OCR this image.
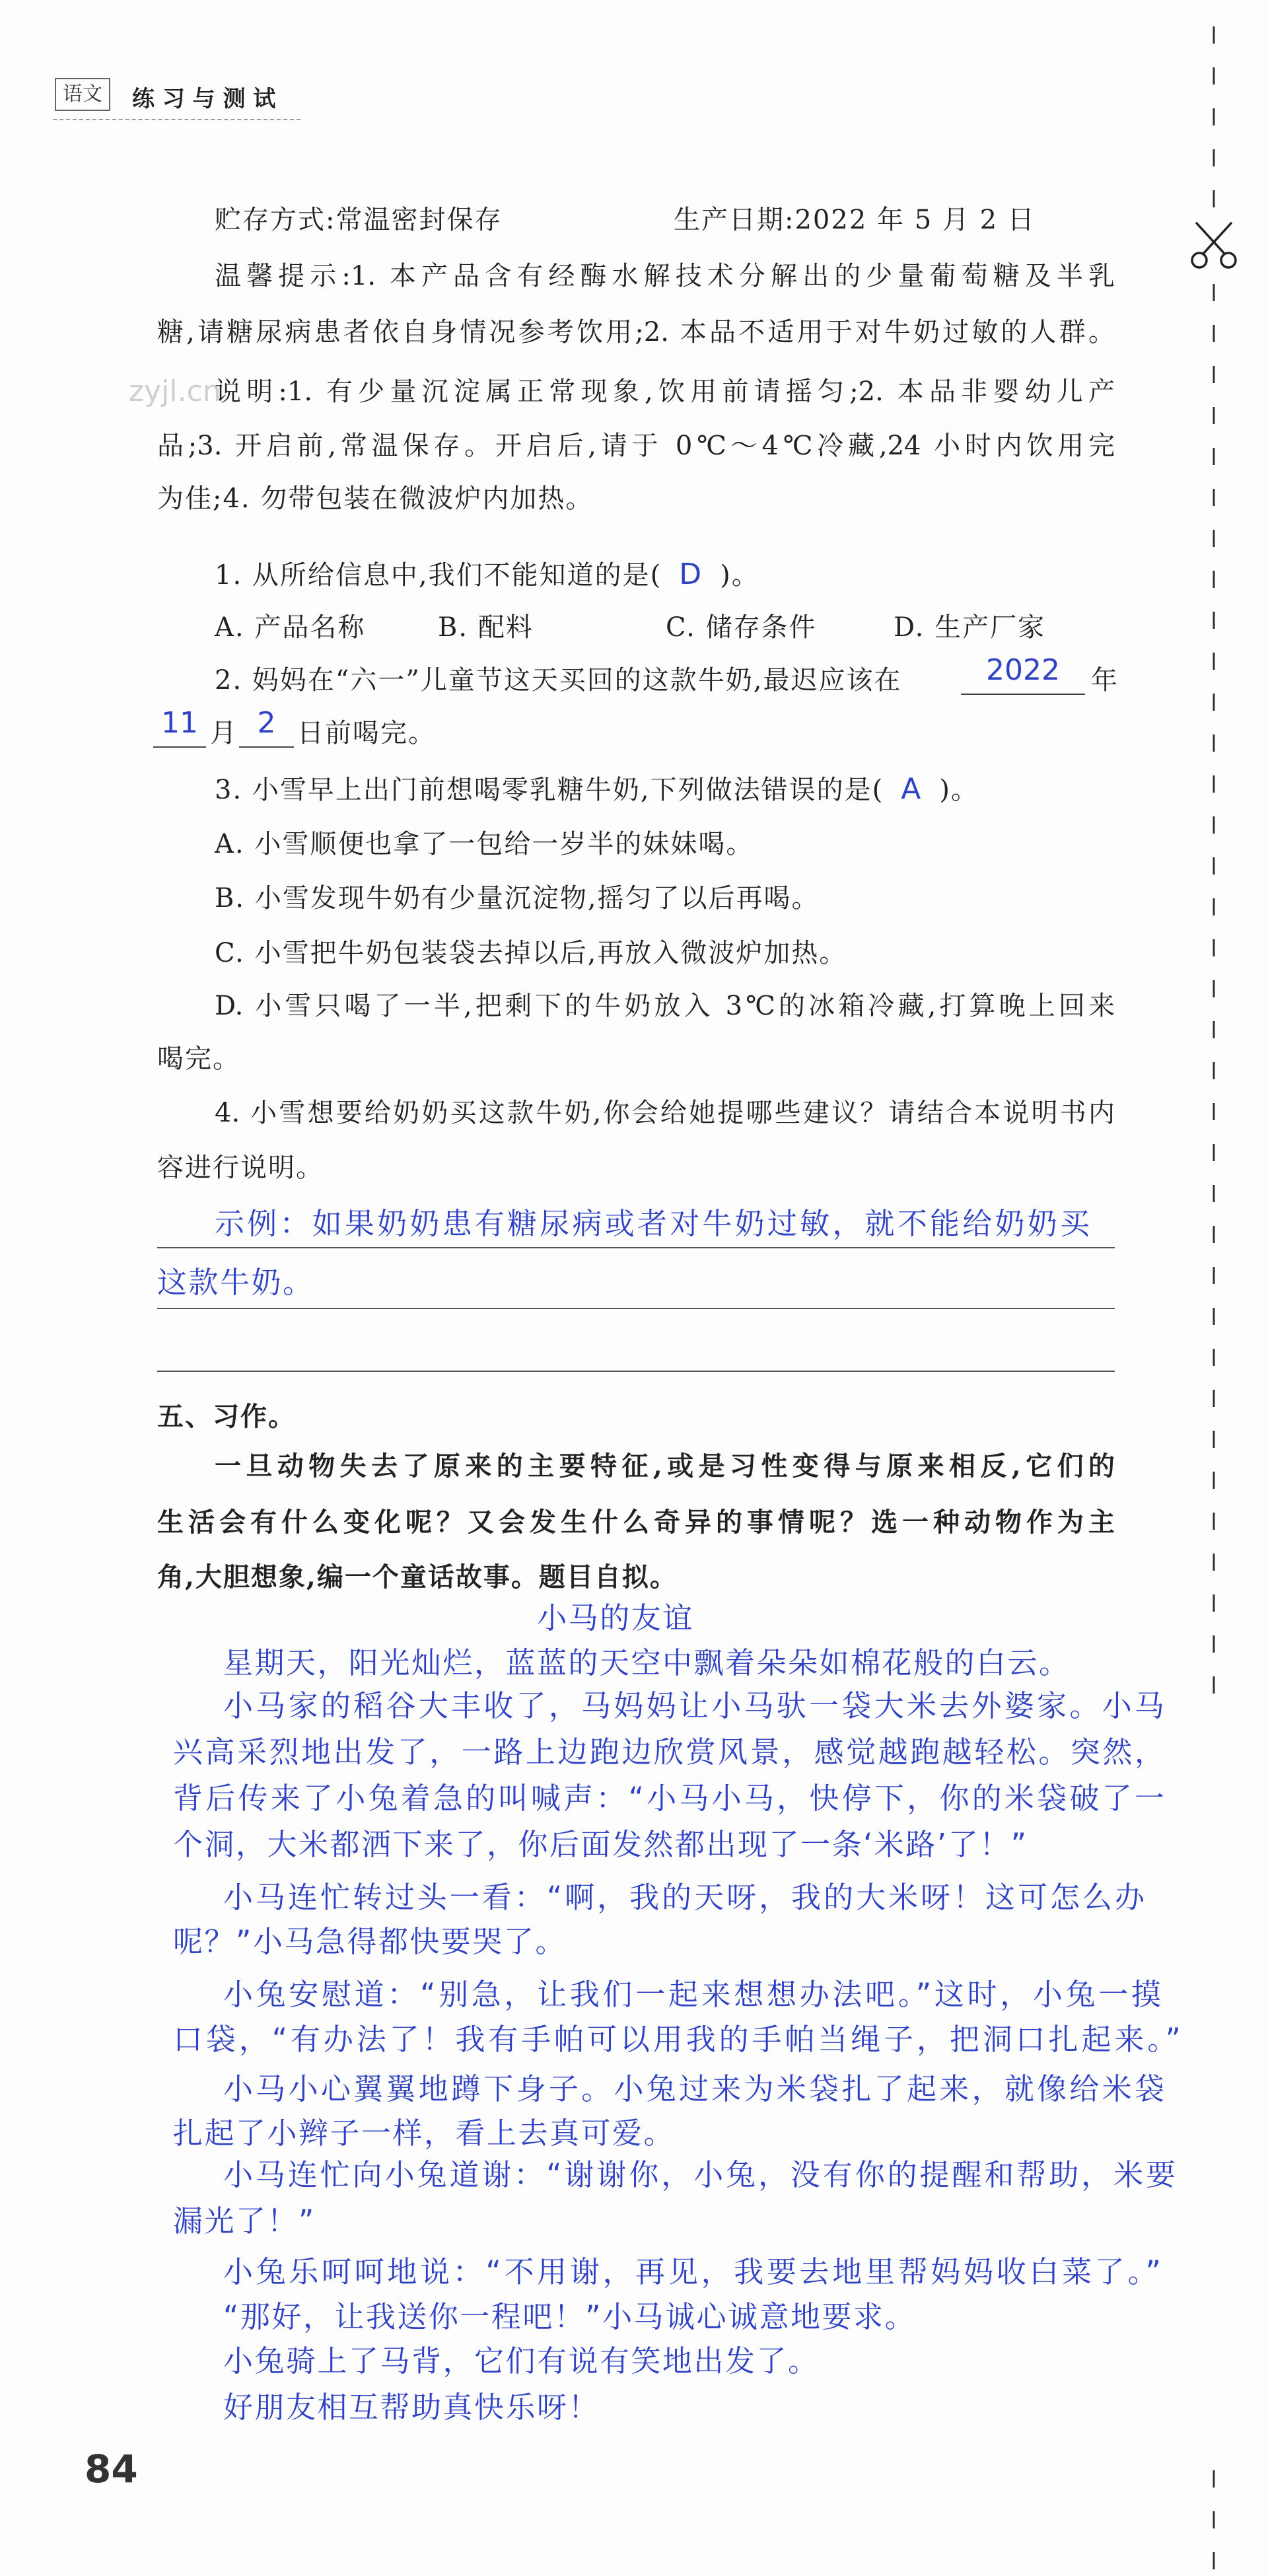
语文	练 习 与 测 试
贮存方式:常温密封保存	生产日期:2022 年 5 月 2 日
温馨提示:1. 本产品含有经酶水解技术分解出的少量葡萄糖及半乳
糖,请糖尿病患者依自身情况参考饮用;2. 本品不适用于对牛奶过敏的人群。
zyjl.cn
说明:1. 有少量沉淀属正常现象,饮用前请摇匀;2. 本品非婴幼儿产
品;3. 开启前,常温保存。开启后,请于 0℃～4℃冷藏,24 小时内饮用完
为佳;4. 勿带包装在微波炉内加热。
1. 从所给信息中,我们不能知道的是( D )。
A. 产品名称	B. 配料	C. 储存条件	D. 生产厂家
2. 妈妈在“六一”儿童节这天买回的这款牛奶,最迟应该在	2022	年
11 月 2 日前喝完。
3. 小雪早上出门前想喝零乳糖牛奶,下列做法错误的是( A )。
A. 小雪顺便也拿了一包给一岁半的妹妹喝。
B. 小雪发现牛奶有少量沉淀物,摇匀了以后再喝。
C. 小雪把牛奶包装袋去掉以后,再放入微波炉加热。
D. 小雪只喝了一半,把剩下的牛奶放入 3℃的冰箱冷藏,打算晚上回来
喝完。
4. 小雪想要给奶奶买这款牛奶,你会给她提哪些建议？请结合本说明书内
容进行说明。
示例：如果奶奶患有糖尿病或者对牛奶过敏，就不能给奶奶买
这款牛奶。
五、习作。
一旦动物失去了原来的主要特征,或是习性变得与原来相反,它们的
生活会有什么变化呢？又会发生什么奇异的事情呢？选一种动物作为主
角,大胆想象,编一个童话故事。题目自拟。
小马的友谊
星期天，阳光灿烂，蓝蓝的天空中飘着朵朵如棉花般的白云。
小马家的稻谷大丰收了，马妈妈让小马驮一袋大米去外婆家。小马
兴高采烈地出发了，一路上边跑边欣赏风景，感觉越跑越轻松。突然，
背后传来了小兔着急的叫喊声：“小马小马，快停下，你的米袋破了一
个洞，大米都洒下来了，你后面发然都出现了一条‘米路’了！”
小马连忙转过头一看：“啊，我的天呀，我的大米呀！这可怎么办
呢？”小马急得都快要哭了。
小兔安慰道：“别急，让我们一起来想想办法吧。”这时，小兔一摸
口袋，“有办法了！我有手帕可以用我的手帕当绳子，把洞口扎起来。”
小马小心翼翼地蹲下身子。小兔过来为米袋扎了起来，就像给米袋
扎起了小辫子一样，看上去真可爱。
小马连忙向小兔道谢：“谢谢你，小兔，没有你的提醒和帮助，米要
漏光了！”
小兔乐呵呵地说：“不用谢，再见，我要去地里帮妈妈收白菜了。”
“那好，让我送你一程吧！”小马诚心诚意地要求。
小兔骑上了马背，它们有说有笑地出发了。
好朋友相互帮助真快乐呀！
84
